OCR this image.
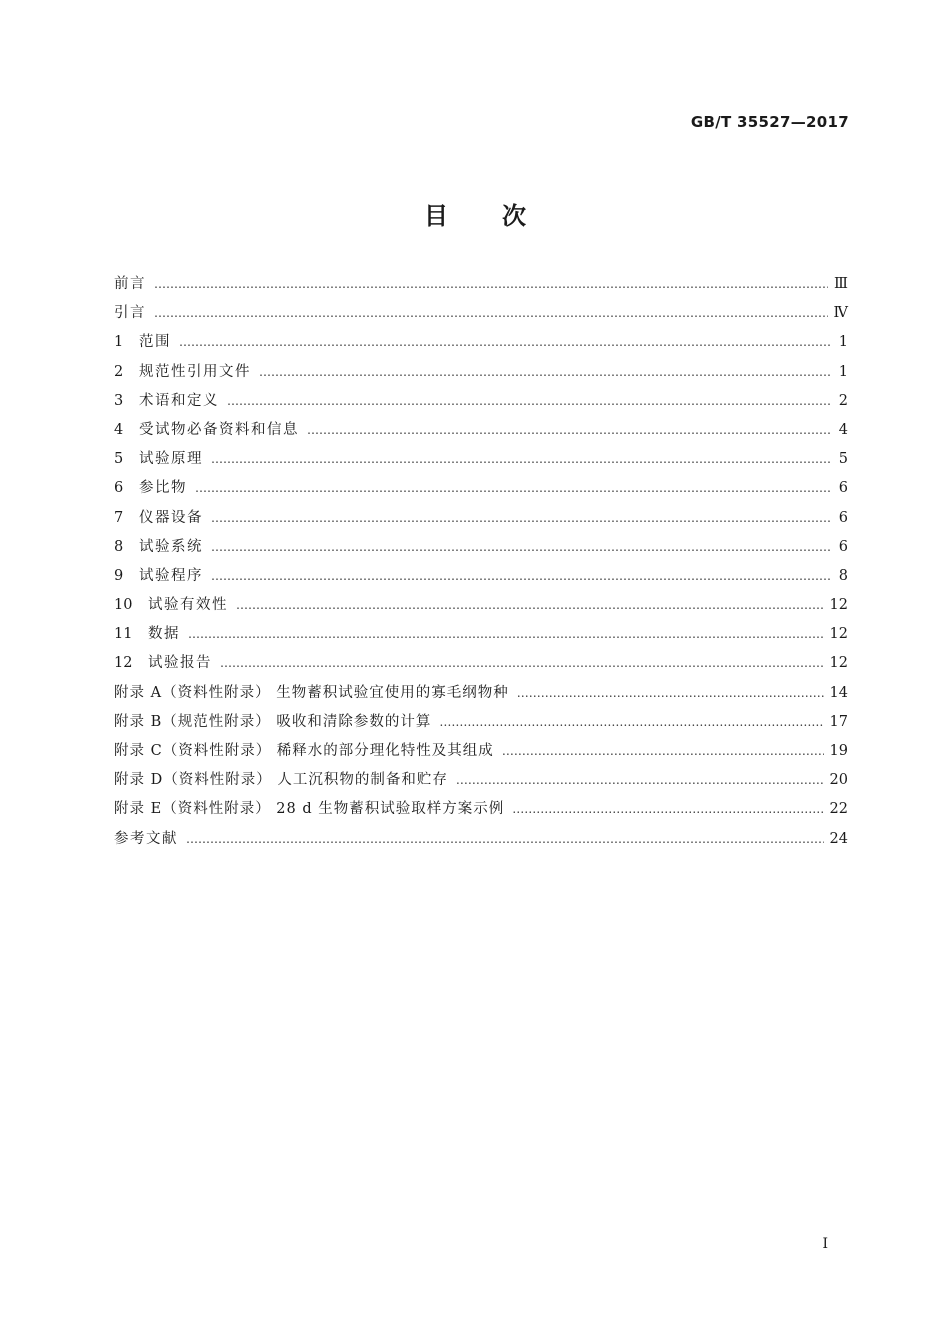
GB/T 35527—2017
目次
前言 ……………………………………………………………………………………………………………………………………………………………………………………………………………………………………………………………………	Ⅲ
引言 ……………………………………………………………………………………………………………………………………………………………………………………………………………………………………………………………………	Ⅳ
1	范围 ……………………………………………………………………………………………………………………………………………………………………………………………………………………………………………………………………	1
2	规范性引用文件 ……………………………………………………………………………………………………………………………………………………………………………………………………………………………………………………………………	1
3	术语和定义 ……………………………………………………………………………………………………………………………………………………………………………………………………………………………………………………………………	2
4	受试物必备资料和信息 ……………………………………………………………………………………………………………………………………………………………………………………………………………………………………………………………………	4
5	试验原理 ……………………………………………………………………………………………………………………………………………………………………………………………………………………………………………………………………	5
6	参比物 ……………………………………………………………………………………………………………………………………………………………………………………………………………………………………………………………………	6
7	仪器设备 ……………………………………………………………………………………………………………………………………………………………………………………………………………………………………………………………………	6
8	试验系统 ……………………………………………………………………………………………………………………………………………………………………………………………………………………………………………………………………	6
9	试验程序 ……………………………………………………………………………………………………………………………………………………………………………………………………………………………………………………………………	8
10	试验有效性 ……………………………………………………………………………………………………………………………………………………………………………………………………………………………………………………………………	12
11	数据 ……………………………………………………………………………………………………………………………………………………………………………………………………………………………………………………………………	12
12	试验报告 ……………………………………………………………………………………………………………………………………………………………………………………………………………………………………………………………………	12
附录 A（资料性附录） 生物蓄积试验宜使用的寡毛纲物种 ……………………………………………………………………………………………………………………………………………………………………………………………………………………………………………………………………	14
附录 B（规范性附录） 吸收和清除参数的计算 ……………………………………………………………………………………………………………………………………………………………………………………………………………………………………………………………………	17
附录 C（资料性附录） 稀释水的部分理化特性及其组成 ……………………………………………………………………………………………………………………………………………………………………………………………………………………………………………………………………	19
附录 D（资料性附录） 人工沉积物的制备和贮存 ……………………………………………………………………………………………………………………………………………………………………………………………………………………………………………………………………	20
附录 E（资料性附录） 28 d 生物蓄积试验取样方案示例 ……………………………………………………………………………………………………………………………………………………………………………………………………………………………………………………………………	22
参考文献 ……………………………………………………………………………………………………………………………………………………………………………………………………………………………………………………………………	24
I
